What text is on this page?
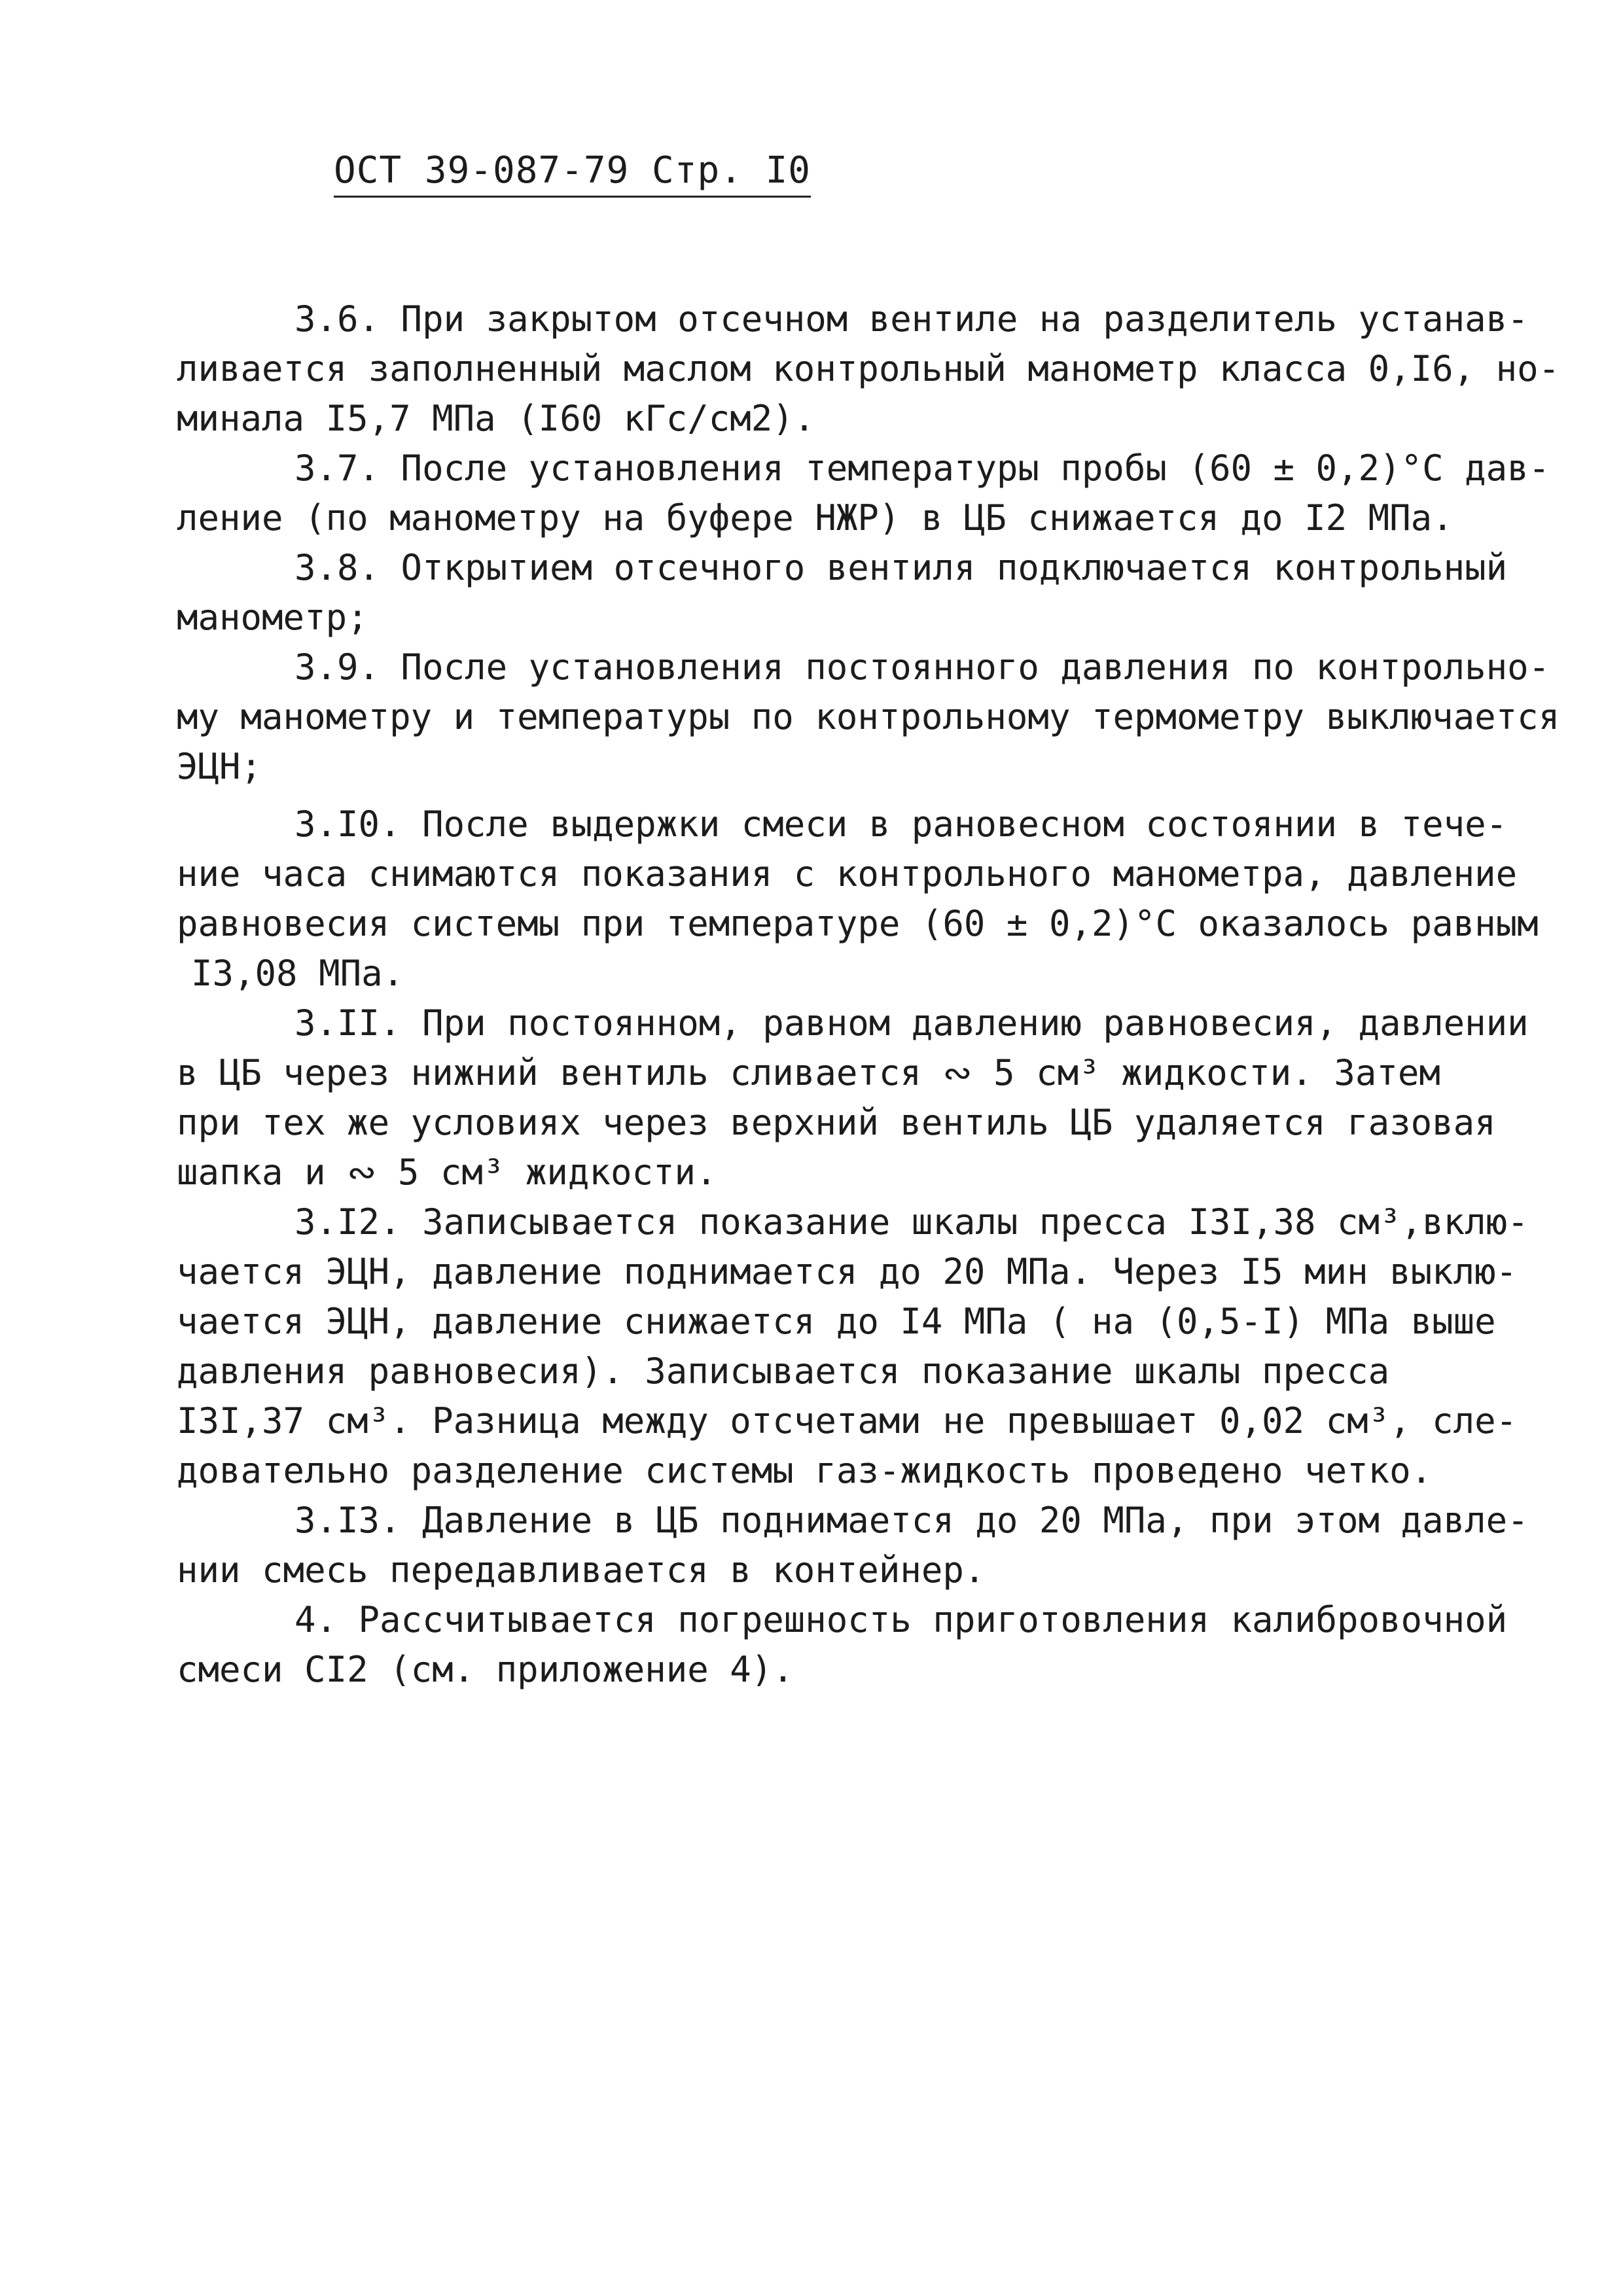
ОСТ 39-087-79 Стр. I0
3.6. При закрытом отсечном вентиле на разделитель устанав-
ливается заполненный маслом контрольный манометр класса 0,I6, но-
минала I5,7 МПа (I60 кГс/см2).
3.7. После установления температуры пробы (60 ± 0,2)°С дав-
ление (по манометру на буфере НЖР) в ЦБ снижается до I2 МПа.
3.8. Открытием отсечного вентиля подключается контрольный
манометр;
3.9. После установления постоянного давления по контрольно-
му манометру и температуры по контрольному термометру выключается
ЭЦН;
3.I0. После выдержки смеси в рановесном состоянии в тече-
ние часа снимаются показания с контрольного манометра, давление
равновесия системы при температуре (60 ± 0,2)°С оказалось равным
I3,08 МПа.
3.II. При постоянном, равном давлению равновесия, давлении
в ЦБ через нижний вентиль сливается ∾ 5 см³ жидкости. Затем
при тех же условиях через верхний вентиль ЦБ удаляется газовая
шапка и ∾ 5 см³ жидкости.
3.I2. Записывается показание шкалы пресса I3I,38 см³,вклю-
чается ЭЦН, давление поднимается до 20 МПа. Через I5 мин выклю-
чается ЭЦН, давление снижается до I4 МПа ( на (0,5-I) МПа выше
давления равновесия). Записывается показание шкалы пресса
I3I,37 см³. Разница между отсчетами не превышает 0,02 см³, сле-
довательно разделение системы газ-жидкость проведено четко.
3.I3. Давление в ЦБ поднимается до 20 МПа, при этом давле-
нии смесь передавливается в контейнер.
4. Рассчитывается погрешность приготовления калибровочной
смеси СI2 (см. приложение 4).
